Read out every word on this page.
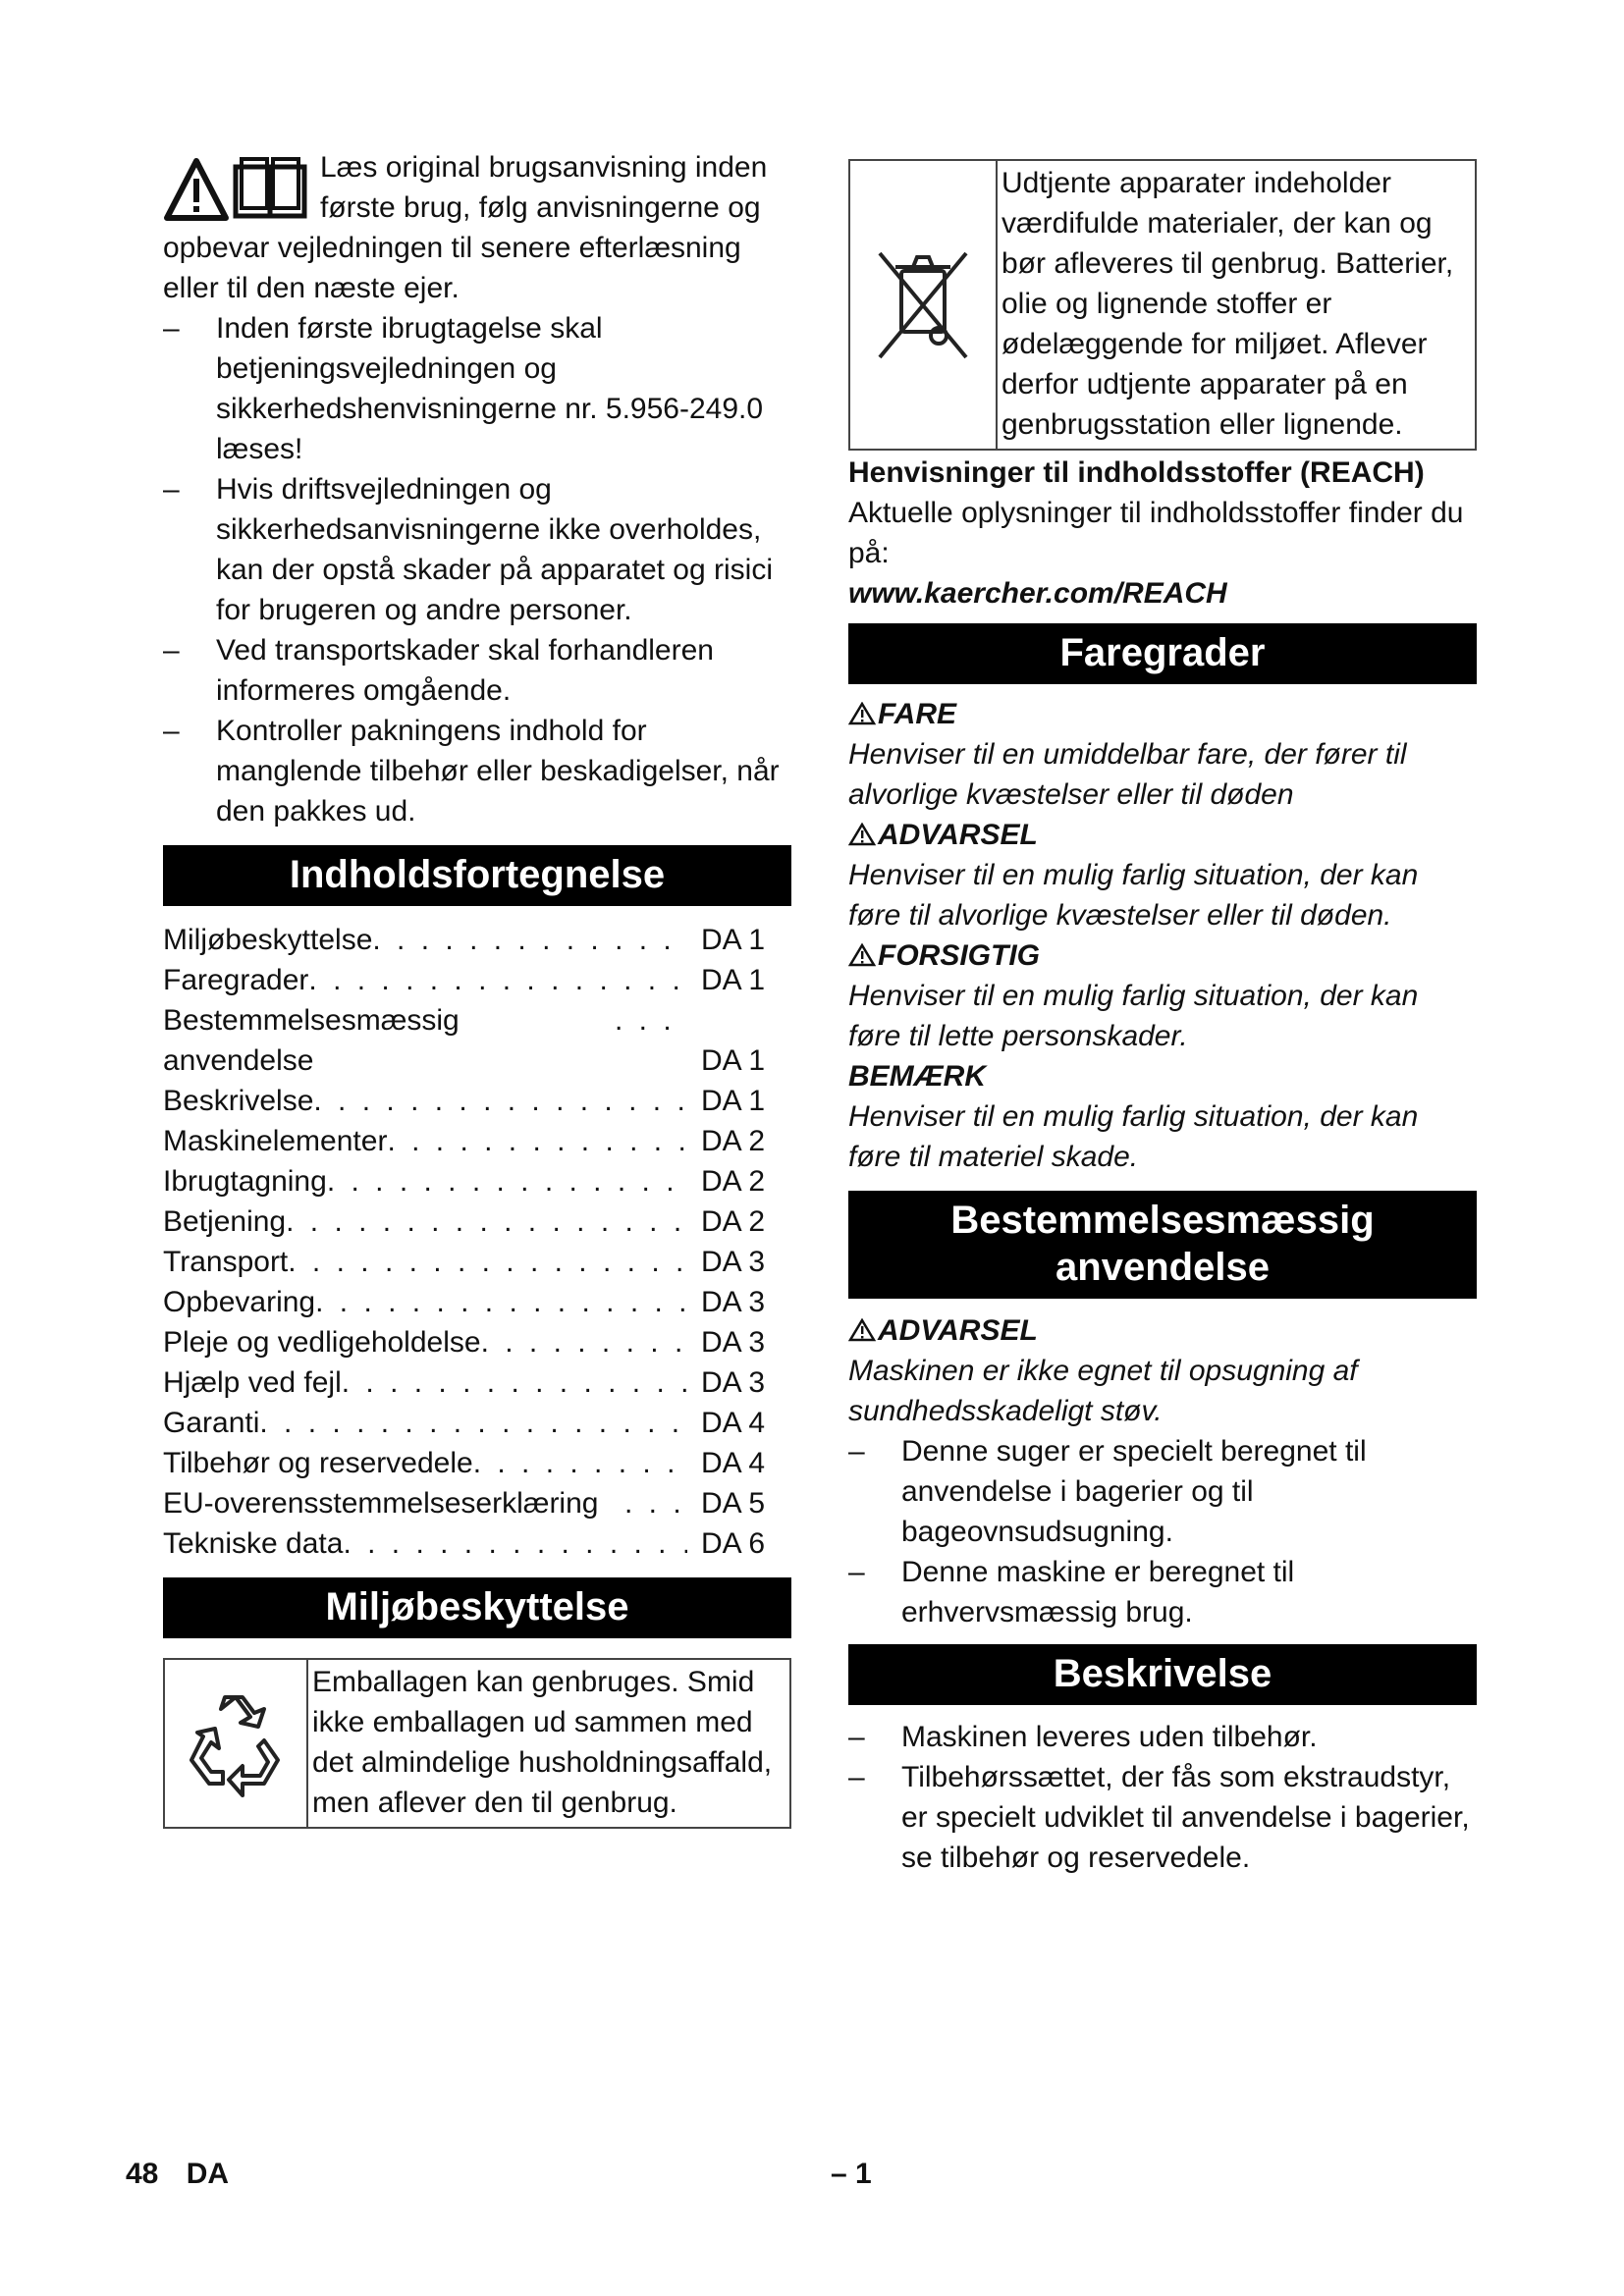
Læs original brugsanvisning inden første brug, følg anvisningerne og opbevar vejledningen til senere efterlæsning eller til den næste ejer.

–	Inden første ibrugtagelse skal betjeningsvejledningen og sikkerhedshenvisningerne nr. 5.956-249.0 læses!
–	Hvis driftsvejledningen og sikkerhedsanvisningerne ikke overholdes, kan der opstå skader på apparatet og risici for brugeren og andre personer.
–	Ved transportskader skal forhandleren informeres omgående.
–	Kontroller pakningens indhold for manglende tilbehør eller beskadigelser, når den pakkes ud.
Indholdsfortegnelse
Miljøbeskyttelse . . .	DA 1
Faregrader . . .	DA 1
Bestemmelsesmæssig anvendelse . . .	DA 1
Beskrivelse . . .	DA 1
Maskinelementer . . .	DA 2
Ibrugtagning . . .	DA 2
Betjening . . .	DA 2
Transport . . .	DA 3
Opbevaring . . .	DA 3
Pleje og vedligeholdelse . . .	DA 3
Hjælp ved fejl . . .	DA 3
Garanti . . .	DA 4
Tilbehør og reservedele . . .	DA 4
EU-overensstemmelseserklæring . . .	DA 5
Tekniske data . . .	DA 6
Miljøbeskyttelse
Emballagen kan genbruges. Smid ikke emballagen ud sammen med det almindelige husholdningsaffald, men aflever den til genbrug.
Udtjente apparater indeholder værdifulde materialer, der kan og bør afleveres til genbrug. Batterier, olie og lignende stoffer er ødelæggende for miljøet. Aflever derfor udtjente apparater på en genbrugsstation eller lignende.
Henvisninger til indholdsstoffer (REACH)
Aktuelle oplysninger til indholdsstoffer finder du på:
www.kaercher.com/REACH
Faregrader
FARE
Henviser til en umiddelbar fare, der fører til alvorlige kvæstelser eller til døden
ADVARSEL
Henviser til en mulig farlig situation, der kan føre til alvorlige kvæstelser eller til døden.
FORSIGTIG
Henviser til en mulig farlig situation, der kan føre til lette personskader.
BEMÆRK
Henviser til en mulig farlig situation, der kan føre til materiel skade.
Bestemmelsesmæssig
anvendelse
ADVARSEL
Maskinen er ikke egnet til opsugning af sundhedsskadeligt støv.
–	Denne suger er specielt beregnet til anvendelse i bagerier og til bageovnsudsugning.
–	Denne maskine er beregnet til erhvervsmæssig brug.
Beskrivelse
–	Maskinen leveres uden tilbehør.
–	Tilbehørssættet, der fås som ekstraudstyr, er specielt udviklet til anvendelse i bagerier, se tilbehør og reservedele.
48 DA	– 1
